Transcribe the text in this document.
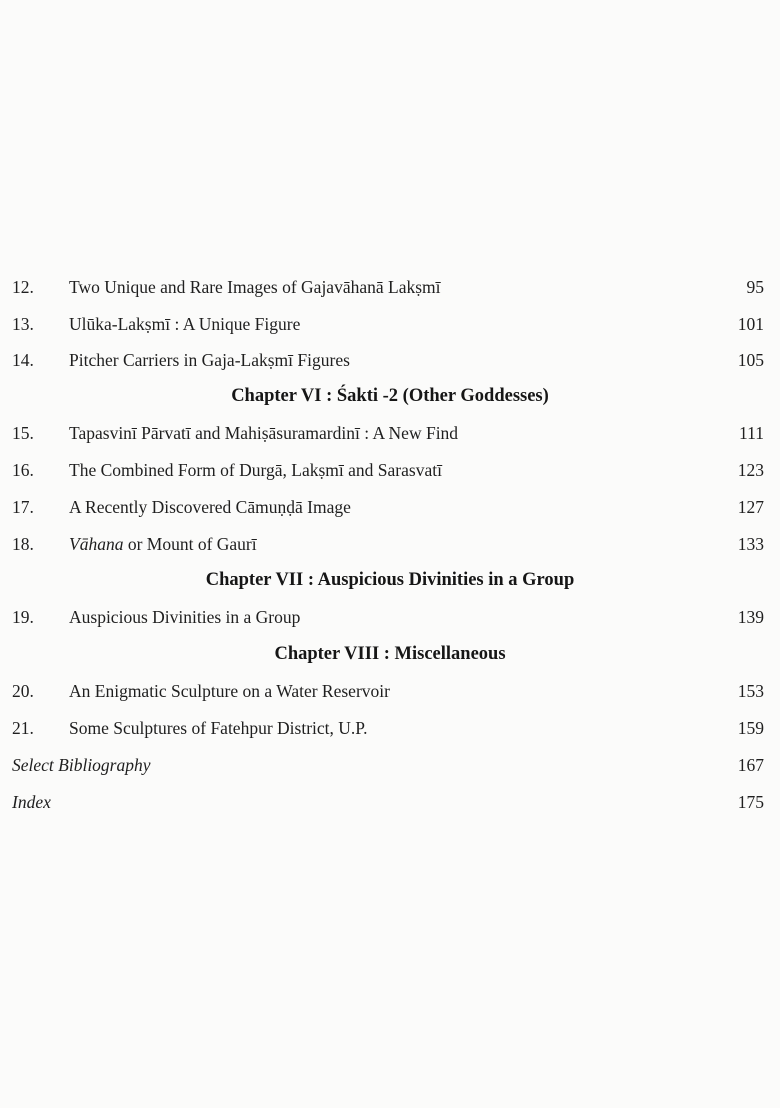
12. Two Unique and Rare Images of Gajavāhanā Lakṣmī	95
13. Ulūka-Lakṣmī : A Unique Figure	101
14. Pitcher Carriers in Gaja-Lakṣmī Figures	105
Chapter VI : Śakti -2 (Other Goddesses)
15. Tapasvinī Pārvatī and Mahiṣāsuramardinī : A New Find	111
16. The Combined Form of Durgā, Lakṣmī and Sarasvatī	123
17. A Recently Discovered Cāmuṇḍā Image	127
18. Vāhana or Mount of Gaurī	133
Chapter VII : Auspicious Divinities in a Group
19. Auspicious Divinities in a Group	139
Chapter VIII : Miscellaneous
20. An Enigmatic Sculpture on a Water Reservoir	153
21. Some Sculptures of Fatehpur District, U.P.	159
Select Bibliography	167
Index	175
